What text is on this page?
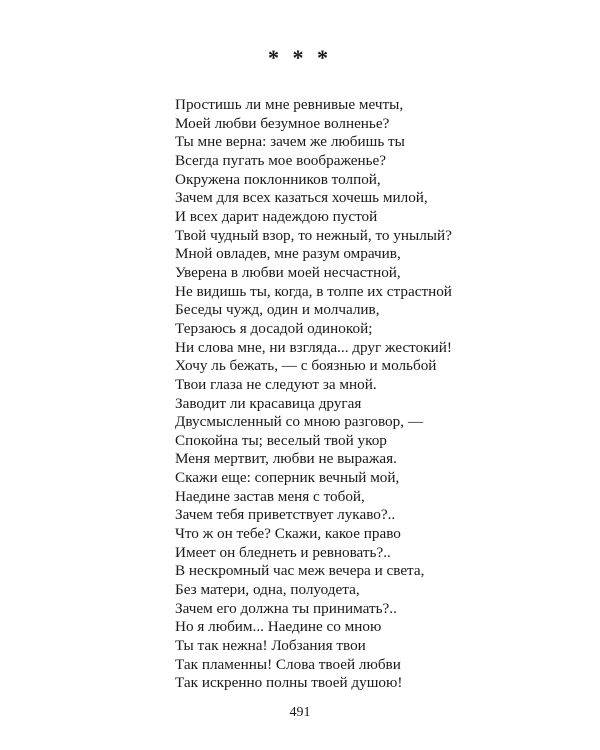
* * *
Простишь ли мне ревнивые мечты,
Моей любви безумное волненье?
Ты мне верна: зачем же любишь ты
Всегда пугать мое воображенье?
Окружена поклонников толпой,
Зачем для всех казаться хочешь милой,
И всех дарит надеждою пустой
Твой чудный взор, то нежный, то унылый?
Мной овладев, мне разум омрачив,
Уверена в любви моей несчастной,
Не видишь ты, когда, в толпе их страстной
Беседы чужд, один и молчалив,
Терзаюсь я досадой одинокой;
Ни слова мне, ни взгляда... друг жестокий!
Хочу ль бежать, — с боязнью и мольбой
Твои глаза не следуют за мной.
Заводит ли красавица другая
Двусмысленный со мною разговор, —
Спокойна ты; веселый твой укор
Меня мертвит, любви не выражая.
Скажи еще: соперник вечный мой,
Наедине застав меня с тобой,
Зачем тебя приветствует лукаво?..
Что ж он тебе? Скажи, какое право
Имеет он бледнеть и ревновать?..
В нескромный час меж вечера и света,
Без матери, одна, полуодета,
Зачем его должна ты принимать?..
Но я любим... Наедине со мною
Ты так нежна! Лобзания твои
Так пламенны! Слова твоей любви
Так искренно полны твоей душою!
491
